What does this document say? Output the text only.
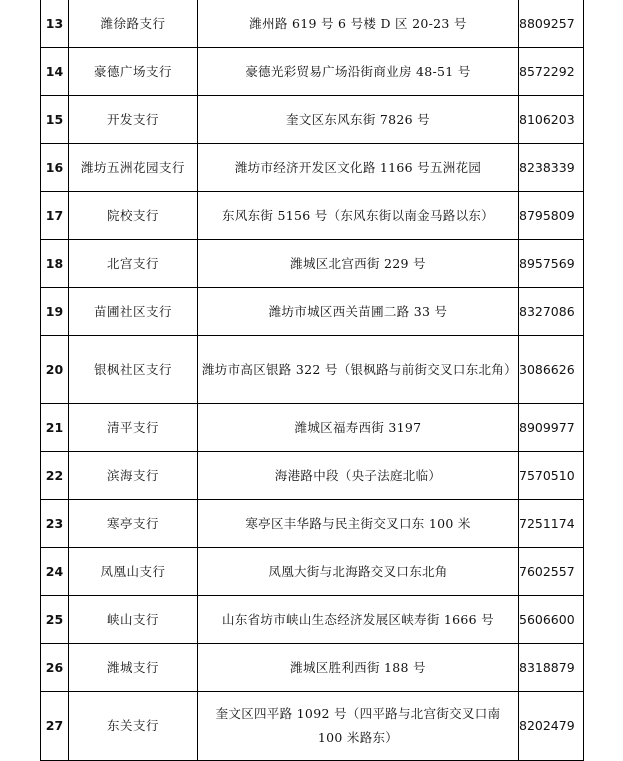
13	潍徐路支行	潍州路 619 号 6 号楼 D 区 20-23 号	8809257
14	豪德广场支行	豪德光彩贸易广场沿街商业房 48-51 号	8572292
15	开发支行	奎文区东风东街 7826 号	8106203
16	潍坊五洲花园支行	潍坊市经济开发区文化路 1166 号五洲花园	8238339
17	院校支行	东风东街 5156 号（东风东街以南金马路以东）	8795809
18	北宫支行	潍城区北宫西街 229 号	8957569
19	苗圃社区支行	潍坊市城区西关苗圃二路 33 号	8327086
20	银枫社区支行	潍坊市高区银路 322 号（银枫路与前街交叉口东北角）	3086626
21	清平支行	潍城区福寿西街 3197	8909977
22	滨海支行	海港路中段（央子法庭北临）	7570510
23	寒亭支行	寒亭区丰华路与民主街交叉口东 100 米	7251174
24	凤凰山支行	凤凰大街与北海路交叉口东北角	7602557
25	峡山支行	山东省坊市峡山生态经济发展区峡寿街 1666 号	5606600
26	潍城支行	潍城区胜利西街 188 号	8318879
27	东关支行	奎文区四平路 1092 号（四平路与北宫街交叉口南 100 米路东）	8202479
